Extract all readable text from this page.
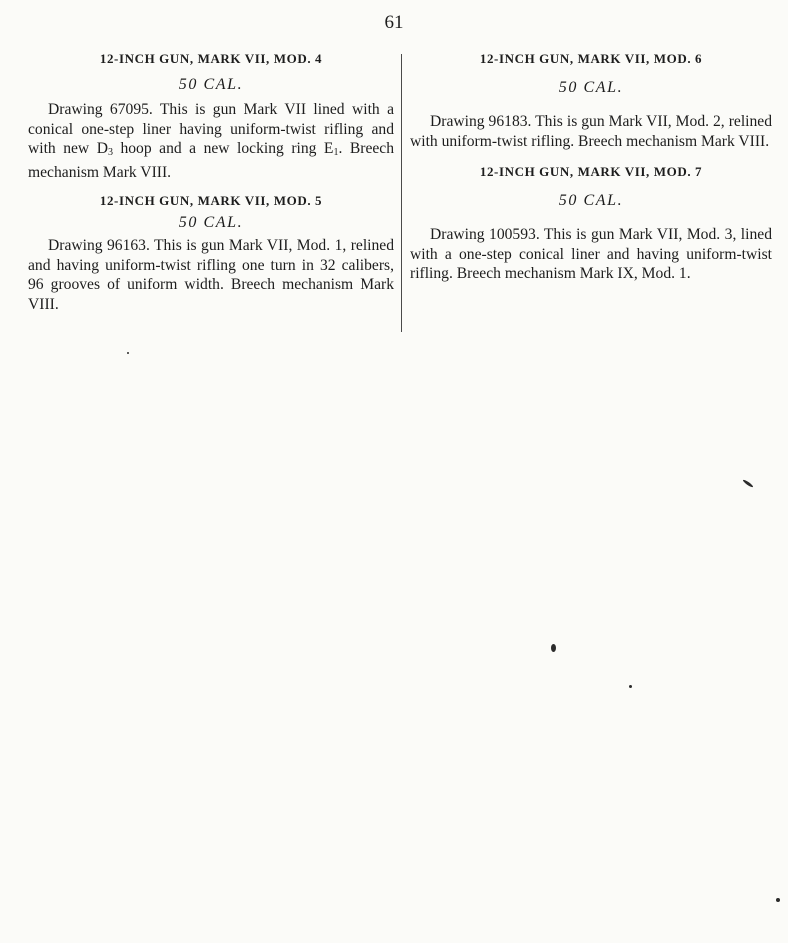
61

12-INCH GUN, MARK VII, MOD. 4

50 CAL.

Drawing 67095. This is gun Mark VII lined with a conical one-step liner having uniform-twist rifling and with new $D_3$ hoop and a new locking ring $E_1$. Breech mechanism Mark VIII.

12-INCH GUN, MARK VII, MOD. 5

50 CAL.

Drawing 96163. This is gun Mark VII, Mod. 1, relined and having uniform-twist rifling one turn in 32 calibers, 96 grooves of uniform width. Breech mechanism Mark VIII.

12-INCH GUN, MARK VII, MOD. 6

50 CAL.

Drawing 96183. This is gun Mark VII, Mod. 2, relined with uniform-twist rifling. Breech mechanism Mark VIII.

12-INCH GUN, MARK VII, MOD. 7

50 CAL.

Drawing 100593. This is gun Mark VII, Mod. 3, lined with a one-step conical liner and having uniform-twist rifling. Breech mechanism Mark IX, Mod. 1.
